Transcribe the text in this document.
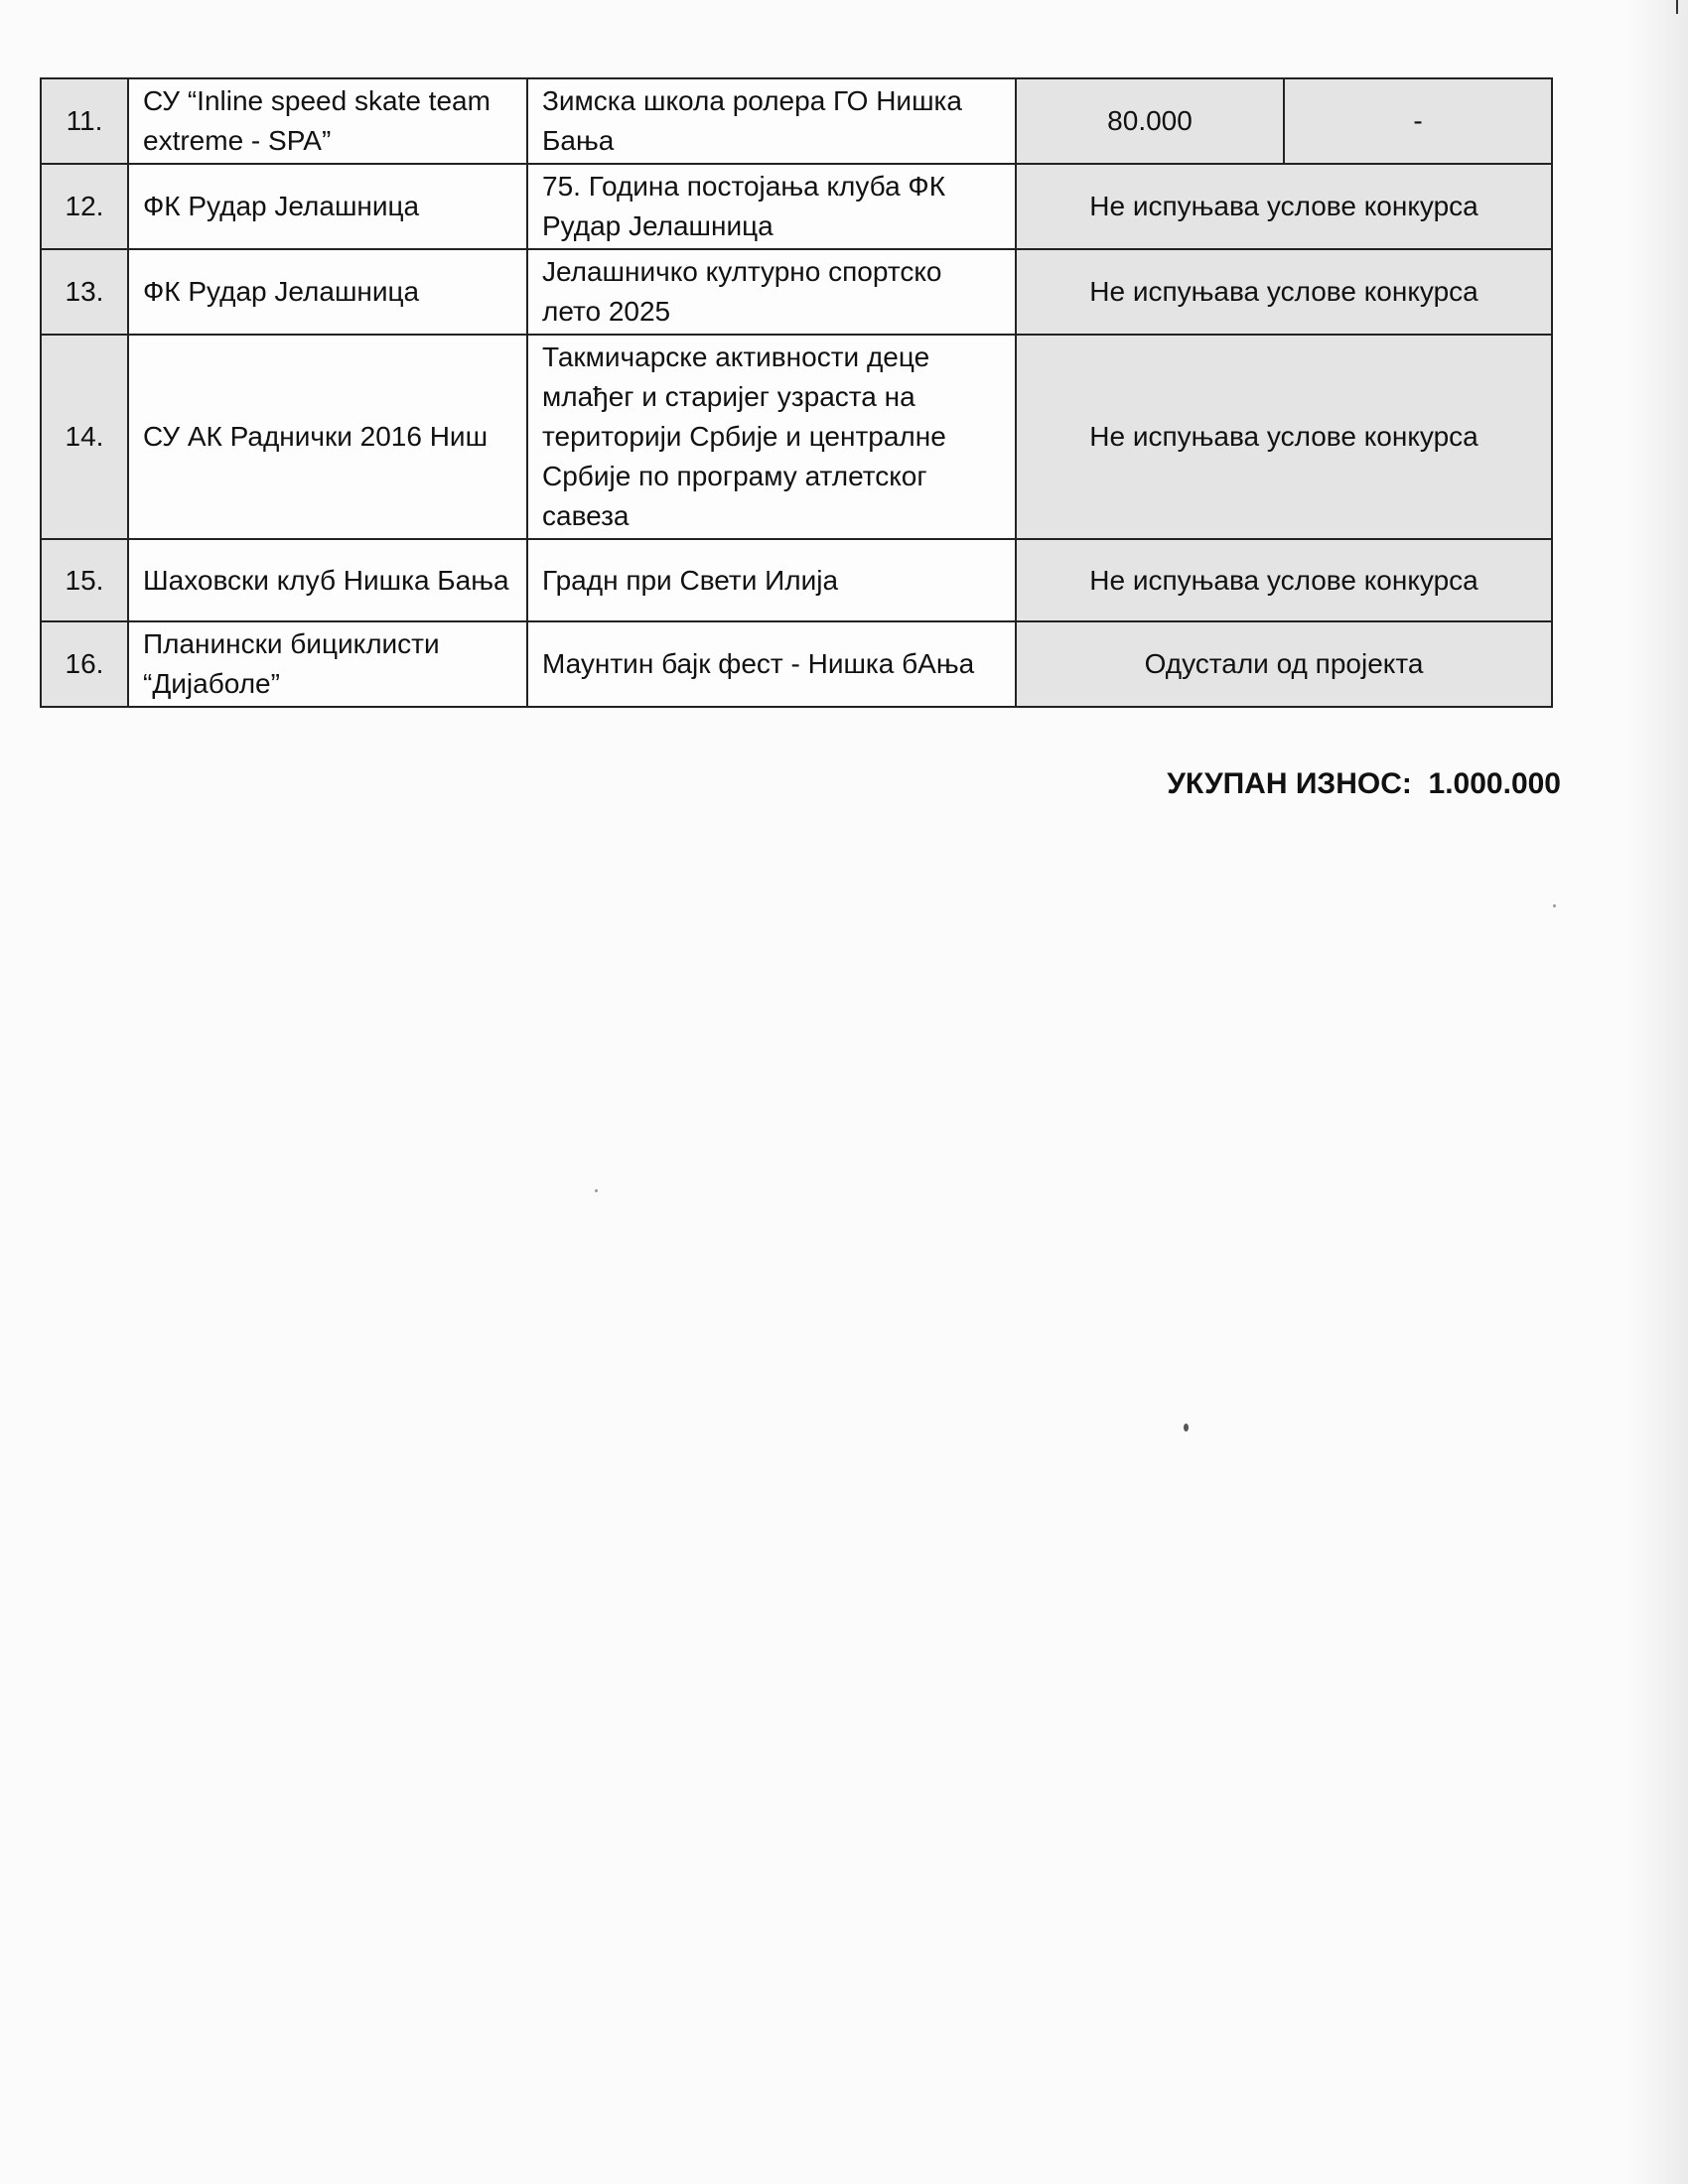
11.	СУ “Inline speed skate team extreme - SPA”	Зимска школа ролера ГО Нишка Бања	80.000	-
12.	ФК Рудар Јелашница	75. Година постојања клуба ФК Рудар Јелашница	Не испуњава услове конкурса	
13.	ФК Рудар Јелашница	Јелашничко културно спортско лето 2025	Не испуњава услове конкурса	
14.	СУ АК Раднички 2016 Ниш	Такмичарске активности деце млађег и старијег узраста на територији Србије и централне Србије по програму атлетског савеза	Не испуњава услове конкурса	
15.	Шаховски клуб Нишка Бања	Градн при Свети Илија	Не испуњава услове конкурса	
16.	Планински бициклисти “Дијаболе”	Маунтин бајк фест - Нишка бАња	Одустали од пројекта	
УКУПАН ИЗНОС: 1.000.000
